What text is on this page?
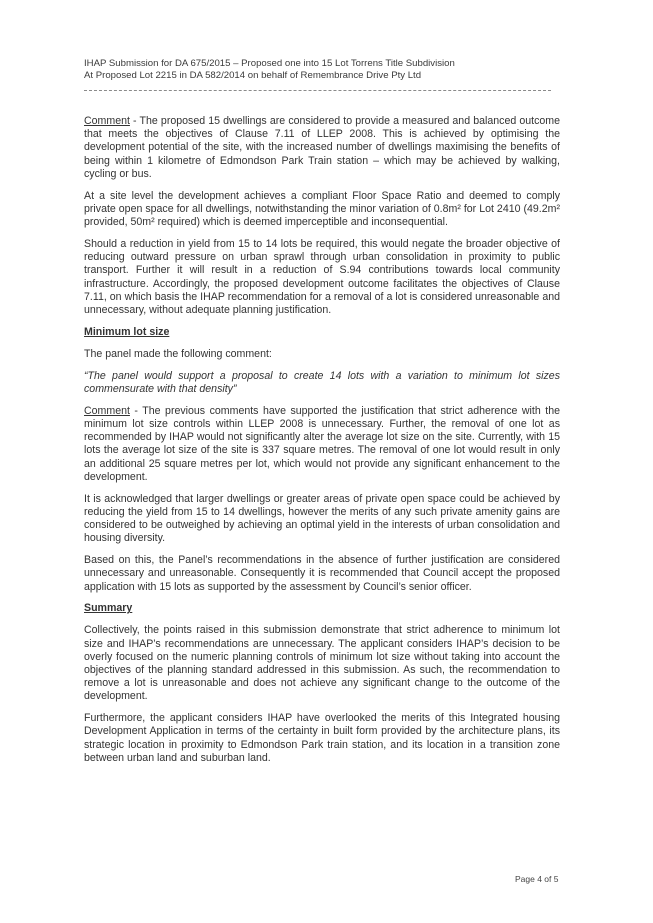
IHAP Submission for DA 675/2015 – Proposed one into 15 Lot Torrens Title Subdivision
At Proposed Lot 2215 in DA 582/2014 on behalf of Remembrance Drive Pty Ltd

Comment - The proposed 15 dwellings are considered to provide a measured and balanced outcome that meets the objectives of Clause 7.11 of LLEP 2008. This is achieved by optimising the development potential of the site, with the increased number of dwellings maximising the benefits of being within 1 kilometre of Edmondson Park Train station – which may be achieved by walking, cycling or bus.

At a site level the development achieves a compliant Floor Space Ratio and deemed to comply private open space for all dwellings, notwithstanding the minor variation of 0.8m² for Lot 2410 (49.2m² provided, 50m² required) which is deemed imperceptible and inconsequential.

Should a reduction in yield from 15 to 14 lots be required, this would negate the broader objective of reducing outward pressure on urban sprawl through urban consolidation in proximity to public transport. Further it will result in a reduction of S.94 contributions towards local community infrastructure. Accordingly, the proposed development outcome facilitates the objectives of Clause 7.11, on which basis the IHAP recommendation for a removal of a lot is considered unreasonable and unnecessary, without adequate planning justification.

Minimum lot size

The panel made the following comment:

“The panel would support a proposal to create 14 lots with a variation to minimum lot sizes commensurate with that density”

Comment - The previous comments have supported the justification that strict adherence with the minimum lot size controls within LLEP 2008 is unnecessary. Further, the removal of one lot as recommended by IHAP would not significantly alter the average lot size on the site. Currently, with 15 lots the average lot size of the site is 337 square metres. The removal of one lot would result in only an additional 25 square metres per lot, which would not provide any significant enhancement to the development.

It is acknowledged that larger dwellings or greater areas of private open space could be achieved by reducing the yield from 15 to 14 dwellings, however the merits of any such private amenity gains are considered to be outweighed by achieving an optimal yield in the interests of urban consolidation and housing diversity.

Based on this, the Panel’s recommendations in the absence of further justification are considered unnecessary and unreasonable. Consequently it is recommended that Council accept the proposed application with 15 lots as supported by the assessment by Council’s senior officer.

Summary

Collectively, the points raised in this submission demonstrate that strict adherence to minimum lot size and IHAP’s recommendations are unnecessary. The applicant considers IHAP’s decision to be overly focused on the numeric planning controls of minimum lot size without taking into account the objectives of the planning standard addressed in this submission. As such, the recommendation to remove a lot is unreasonable and does not achieve any significant change to the outcome of the development.

Furthermore, the applicant considers IHAP have overlooked the merits of this Integrated housing Development Application in terms of the certainty in built form provided by the architecture plans, its strategic location in proximity to Edmondson Park train station, and its location in a transition zone between urban land and suburban land.

Page 4 of 5
